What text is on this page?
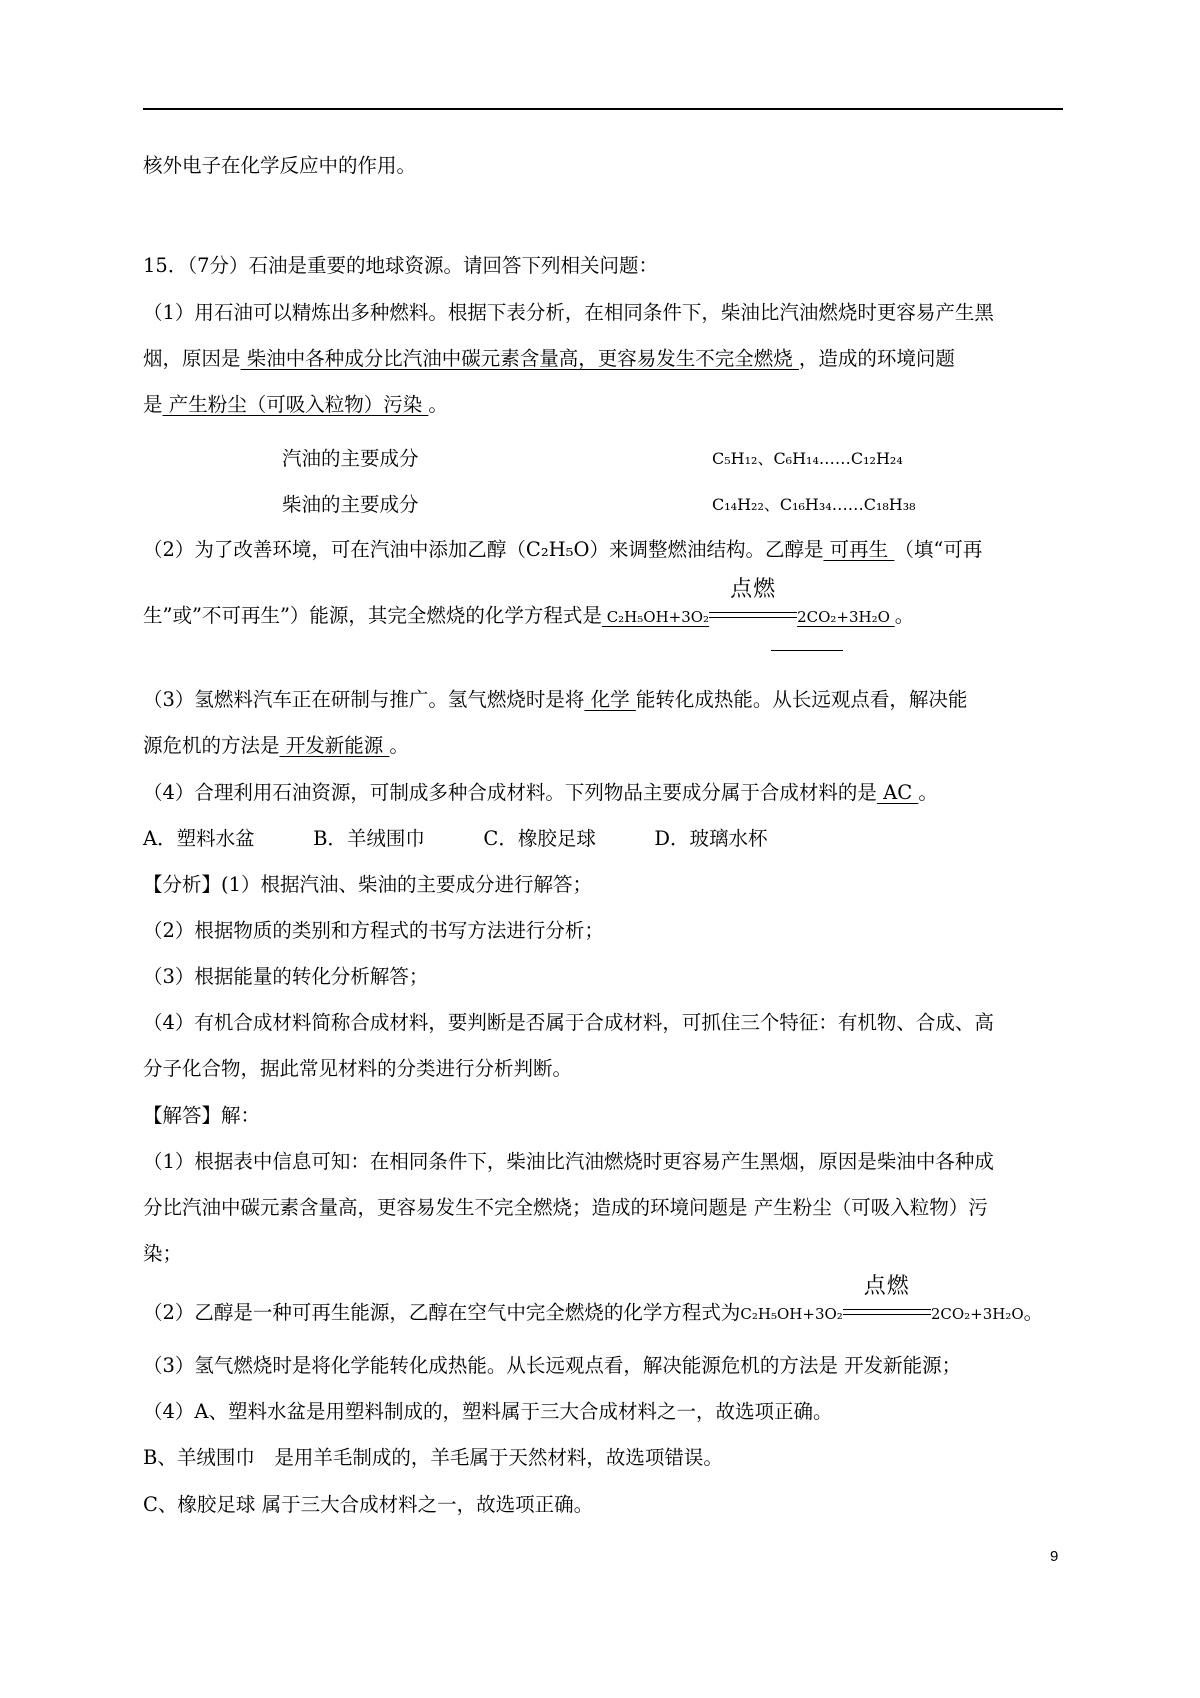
核外电子在化学反应中的作用。
15．（7分）石油是重要的地球资源。请回答下列相关问题：
（1）用石油可以精炼出多种燃料。根据下表分析，在相同条件下，柴油比汽油燃烧时更容易产生黑
烟，原因是 柴油中各种成分比汽油中碳元素含量高，更容易发生不完全燃烧 ，造成的环境问题
是 产生粉尘（可吸入粒物）污染 。
汽油的主要成分	C₅H₁₂、C₆H₁₄……C₁₂H₂₄
柴油的主要成分	C₁₄H₂₂、C₁₆H₃₄……C₁₈H₃₈
（2）为了改善环境，可在汽油中添加乙醇（C₂H₅O）来调整燃油结构。乙醇是 可再生 （填“可再
生”或”不可再生”）能源，其完全燃烧的化学方程式是 C₂H₅OH+3O₂
点燃
2CO₂+3H₂O 。
（3）氢燃料汽车正在研制与推广。氢气燃烧时是将 化学 能转化成热能。从长远观点看，解决能
源危机的方法是 开发新能源 。
（4）合理利用石油资源，可制成多种合成材料。下列物品主要成分属于合成材料的是 AC 。
A．塑料水盆　　　B．羊绒围巾　　　C．橡胶足球　　　D．玻璃水杯
【分析】(1）根据汽油、柴油的主要成分进行解答；
（2）根据物质的类别和方程式的书写方法进行分析；
（3）根据能量的转化分析解答；
（4）有机合成材料简称合成材料，要判断是否属于合成材料，可抓住三个特征：有机物、合成、高
分子化合物，据此常见材料的分类进行分析判断。
【解答】解：
（1）根据表中信息可知：在相同条件下，柴油比汽油燃烧时更容易产生黑烟，原因是柴油中各种成
分比汽油中碳元素含量高，更容易发生不完全燃烧；造成的环境问题是 产生粉尘（可吸入粒物）污
染；
（2）乙醇是一种可再生能源，乙醇在空气中完全燃烧的化学方程式为C₂H₅OH+3O₂
点燃
2CO₂+3H₂O。
（3）氢气燃烧时是将化学能转化成热能。从长远观点看，解决能源危机的方法是 开发新能源；
（4）A、塑料水盆是用塑料制成的，塑料属于三大合成材料之一，故选项正确。
B、羊绒围巾　是用羊毛制成的，羊毛属于天然材料，故选项错误。
C、橡胶足球 属于三大合成材料之一，故选项正确。
9
